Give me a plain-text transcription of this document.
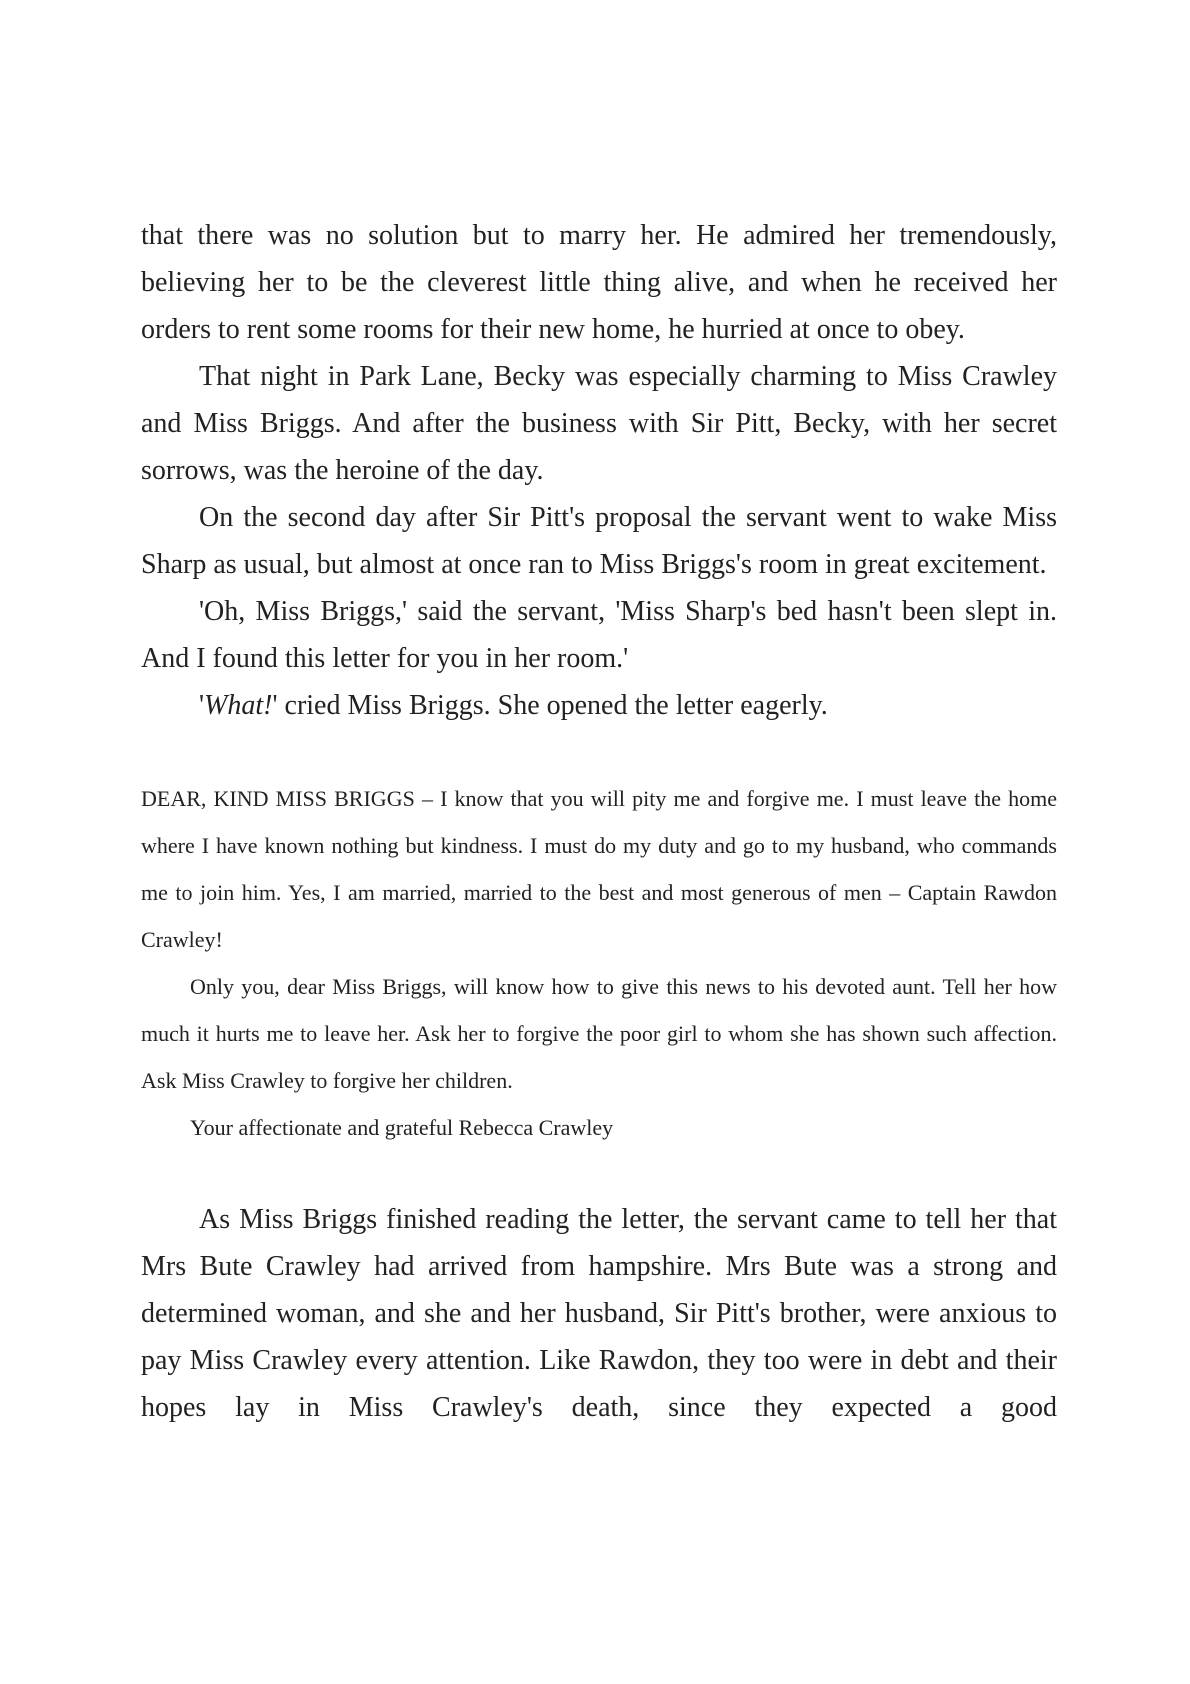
that there was no solution but to marry her. He admired her tremendously, believing her to be the cleverest little thing alive, and when he received her orders to rent some rooms for their new home, he hurried at once to obey.

That night in Park Lane, Becky was especially charming to Miss Crawley and Miss Briggs. And after the business with Sir Pitt, Becky, with her secret sorrows, was the heroine of the day.

On the second day after Sir Pitt's proposal the servant went to wake Miss Sharp as usual, but almost at once ran to Miss Briggs's room in great excitement.

'Oh, Miss Briggs,' said the servant, 'Miss Sharp's bed hasn't been slept in. And I found this letter for you in her room.'

'What!' cried Miss Briggs. She opened the letter eagerly.

DEAR, KIND MISS BRIGGS – I know that you will pity me and forgive me. I must leave the home where I have known nothing but kindness. I must do my duty and go to my husband, who commands me to join him. Yes, I am married, married to the best and most generous of men – Captain Rawdon Crawley!

Only you, dear Miss Briggs, will know how to give this news to his devoted aunt. Tell her how much it hurts me to leave her. Ask her to forgive the poor girl to whom she has shown such affection. Ask Miss Crawley to forgive her children.

Your affectionate and grateful Rebecca Crawley

As Miss Briggs finished reading the letter, the servant came to tell her that Mrs Bute Crawley had arrived from hampshire. Mrs Bute was a strong and determined woman, and she and her husband, Sir Pitt's brother, were anxious to pay Miss Crawley every attention. Like Rawdon, they too were in debt and their hopes lay in Miss Crawley's death, since they expected a good
